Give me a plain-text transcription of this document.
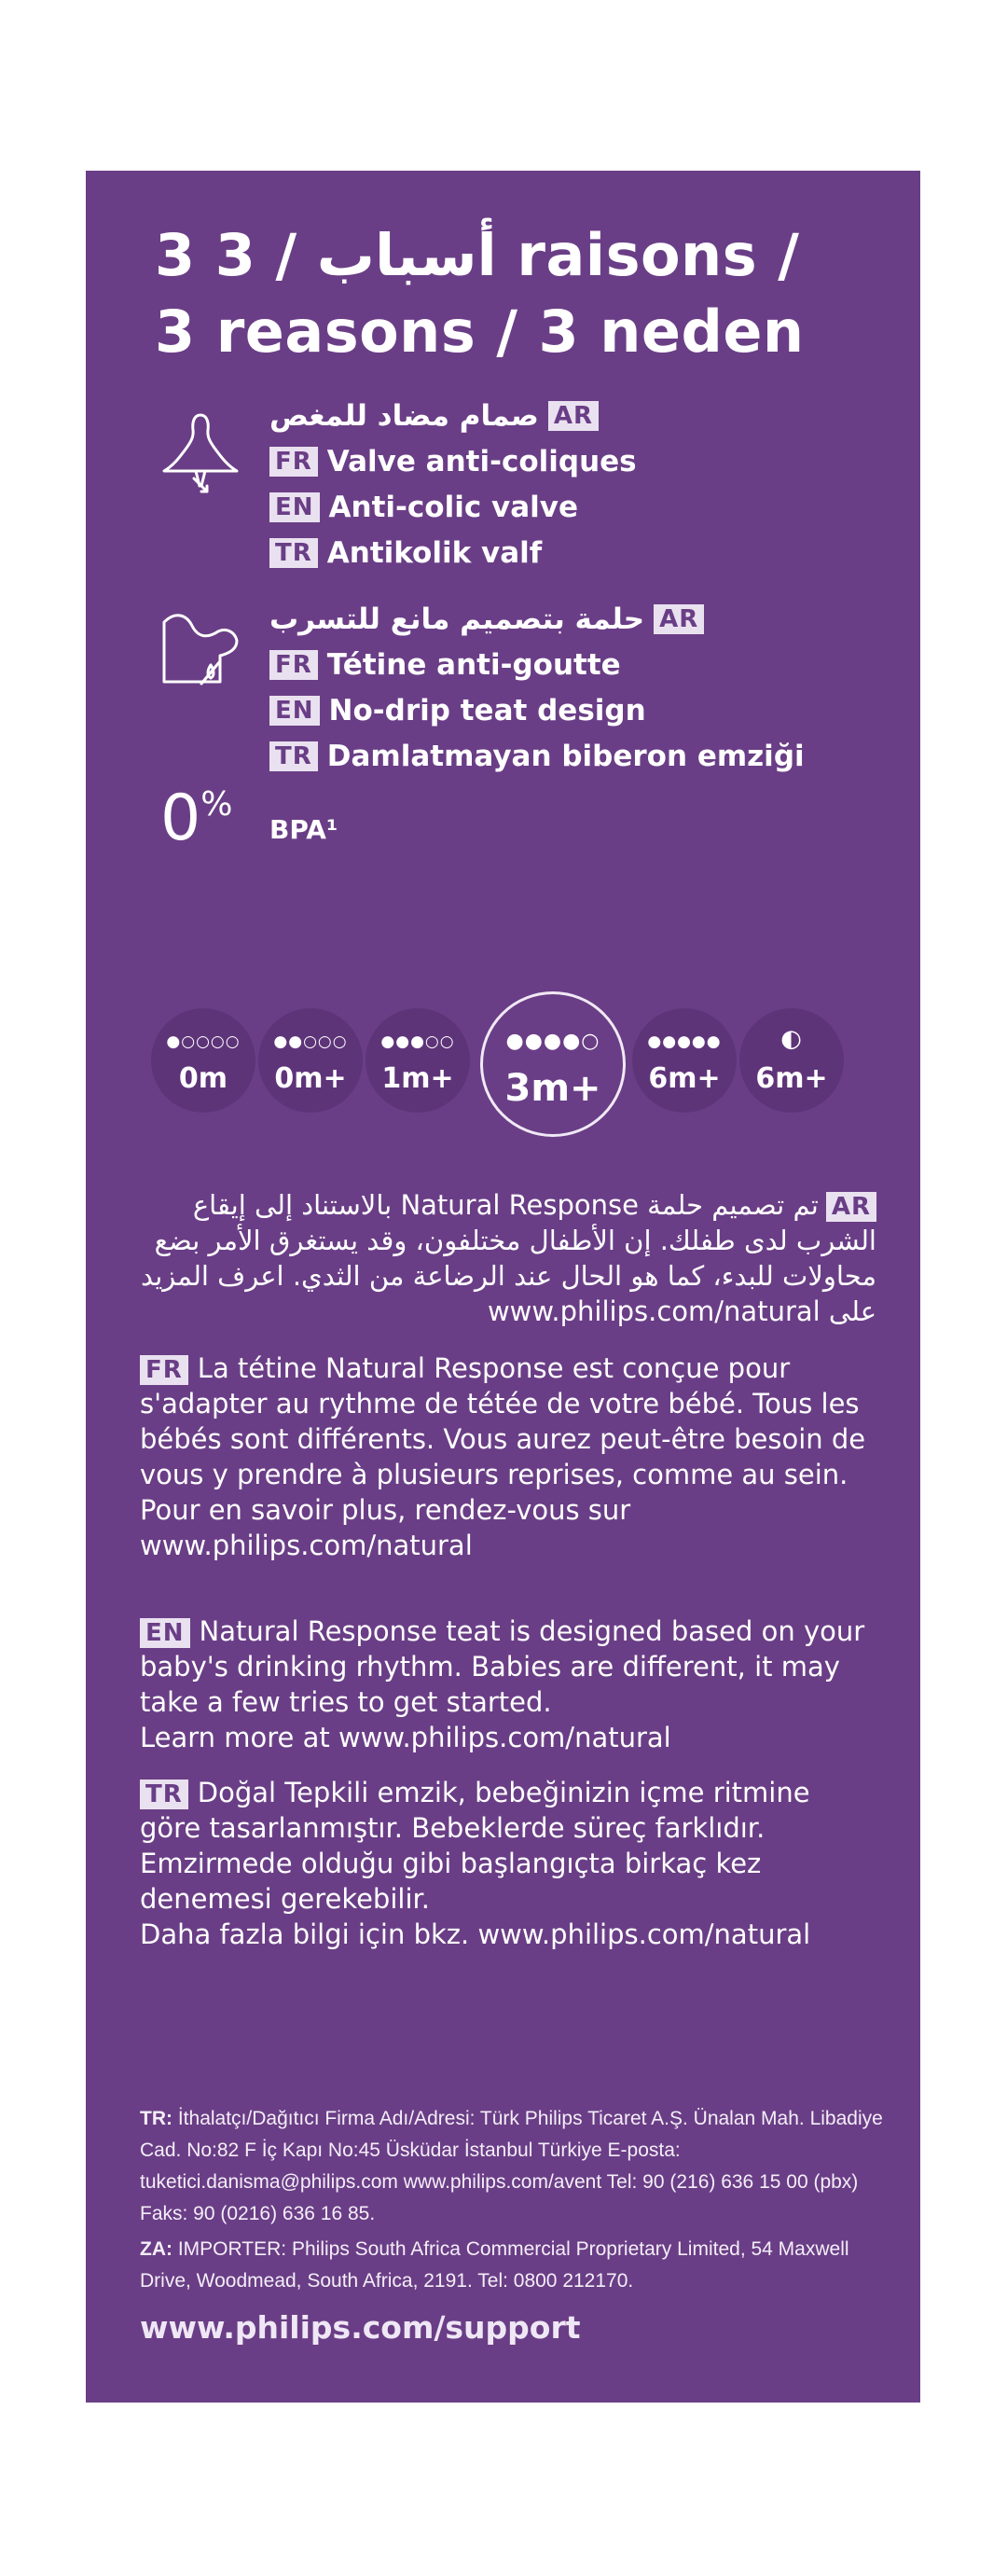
3 أسباب / 3 raisons /
3 reasons / 3 neden
صمام مضاد للمغص AR
FR Valve anti-coliques
EN Anti-colic valve
TR Antikolik valf
حلمة بتصميم مانع للتسرب AR
FR Tétine anti-goutte
EN No-drip teat design
TR Damlatmayan biberon emziği
0%
BPA¹
●○○○○
0m
●●○○○
0m+
●●●○○
1m+
●●●●○
3m+
●●●●●
6m+
◐
6m+
ARتم تصميم حلمة Natural Response بالاستناد إلى إيقاع الشرب لدى طفلك. إن الأطفال مختلفون، وقد يستغرق الأمر بضع محاولات للبدء، كما هو الحال عند الرضاعة من الثدي. اعرف المزيد على www.philips.com/natural
FR La tétine Natural Response est conçue pour s'adapter au rythme de tétée de votre bébé. Tous les bébés sont différents. Vous aurez peut-être besoin de vous y prendre à plusieurs reprises, comme au sein.
Pour en savoir plus, rendez-vous sur www.philips.com/natural
EN Natural Response teat is designed based on your baby's drinking rhythm. Babies are different, it may take a few tries to get started.
Learn more at www.philips.com/natural
TR Doğal Tepkili emzik, bebeğinizin içme ritmine göre tasarlanmıştır. Bebeklerde süreç farklıdır. Emzirmede olduğu gibi başlangıçta birkaç kez denemesi gerekebilir.
Daha fazla bilgi için bkz. www.philips.com/natural
TR: İthalatçı/Dağıtıcı Firma Adı/Adresi: Türk Philips Ticaret A.Ş. Ünalan Mah. Libadiye Cad. No:82 F İç Kapı No:45 Üsküdar İstanbul Türkiye E-posta: tuketici.danisma@philips.com www.philips.com/avent Tel: 90 (216) 636 15 00 (pbx) Faks: 90 (0216) 636 16 85.
ZA: IMPORTER: Philips South Africa Commercial Proprietary Limited, 54 Maxwell Drive, Woodmead, South Africa, 2191. Tel: 0800 212170.
www.philips.com/support
